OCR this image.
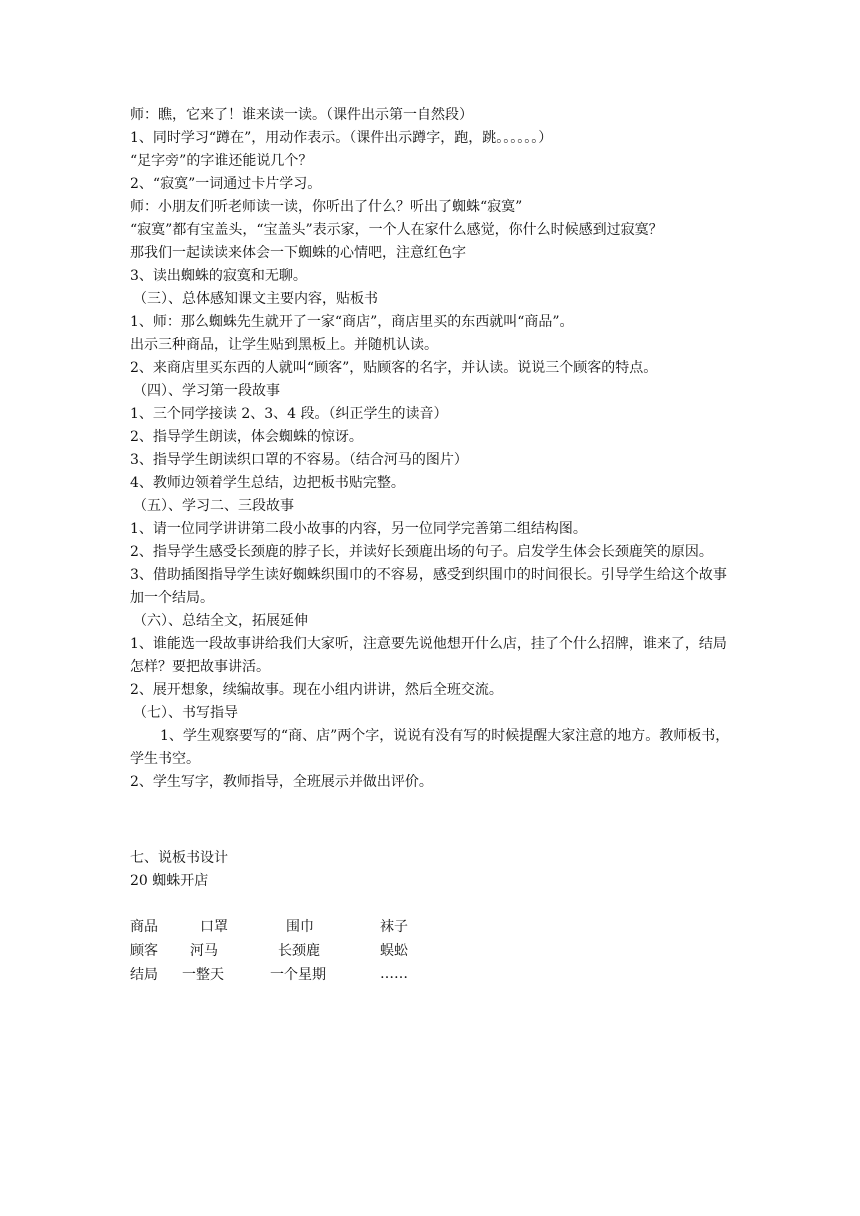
师：瞧，它来了！谁来读一读。（课件出示第一自然段）
1、同时学习“蹲在”，用动作表示。（课件出示蹲字，跑，跳。。。。。。）
“足字旁”的字谁还能说几个？
2、“寂寞”一词通过卡片学习。
师：小朋友们听老师读一读，你听出了什么？听出了蜘蛛“寂寞”
“寂寞”都有宝盖头，“宝盖头”表示家，一个人在家什么感觉，你什么时候感到过寂寞？
那我们一起读读来体会一下蜘蛛的心情吧，注意红色字
3、读出蜘蛛的寂寞和无聊。
（三）、总体感知课文主要内容，贴板书
1、师：那么蜘蛛先生就开了一家“商店”，商店里买的东西就叫“商品”。
出示三种商品，让学生贴到黑板上。并随机认读。
2、来商店里买东西的人就叫“顾客”，贴顾客的名字，并认读。说说三个顾客的特点。
（四）、学习第一段故事
1、三个同学接读 2、3、4 段。（纠正学生的读音）
2、指导学生朗读，体会蜘蛛的惊讶。
3、指导学生朗读织口罩的不容易。（结合河马的图片）
4、教师边领着学生总结，边把板书贴完整。
（五）、学习二、三段故事
1、请一位同学讲讲第二段小故事的内容，另一位同学完善第二组结构图。
2、指导学生感受长颈鹿的脖子长，并读好长颈鹿出场的句子。启发学生体会长颈鹿笑的原因。
3、借助插图指导学生读好蜘蛛织围巾的不容易，感受到织围巾的时间很长。引导学生给这个故事加一个结局。
（六）、总结全文，拓展延伸
1、谁能选一段故事讲给我们大家听，注意要先说他想开什么店，挂了个什么招牌，谁来了，结局怎样？要把故事讲活。
2、展开想象，续编故事。现在小组内讲讲，然后全班交流。
（七）、书写指导
1、学生观察要写的“商、店”两个字，说说有没有写的时候提醒大家注意的地方。教师板书，学生书空。
2、学生写字，教师指导，全班展示并做出评价。
七、说板书设计
20 蜘蛛开店
商品	口罩	围巾	袜子
顾客	河马	长颈鹿	蜈蚣
结局	一整天	一个星期	……
